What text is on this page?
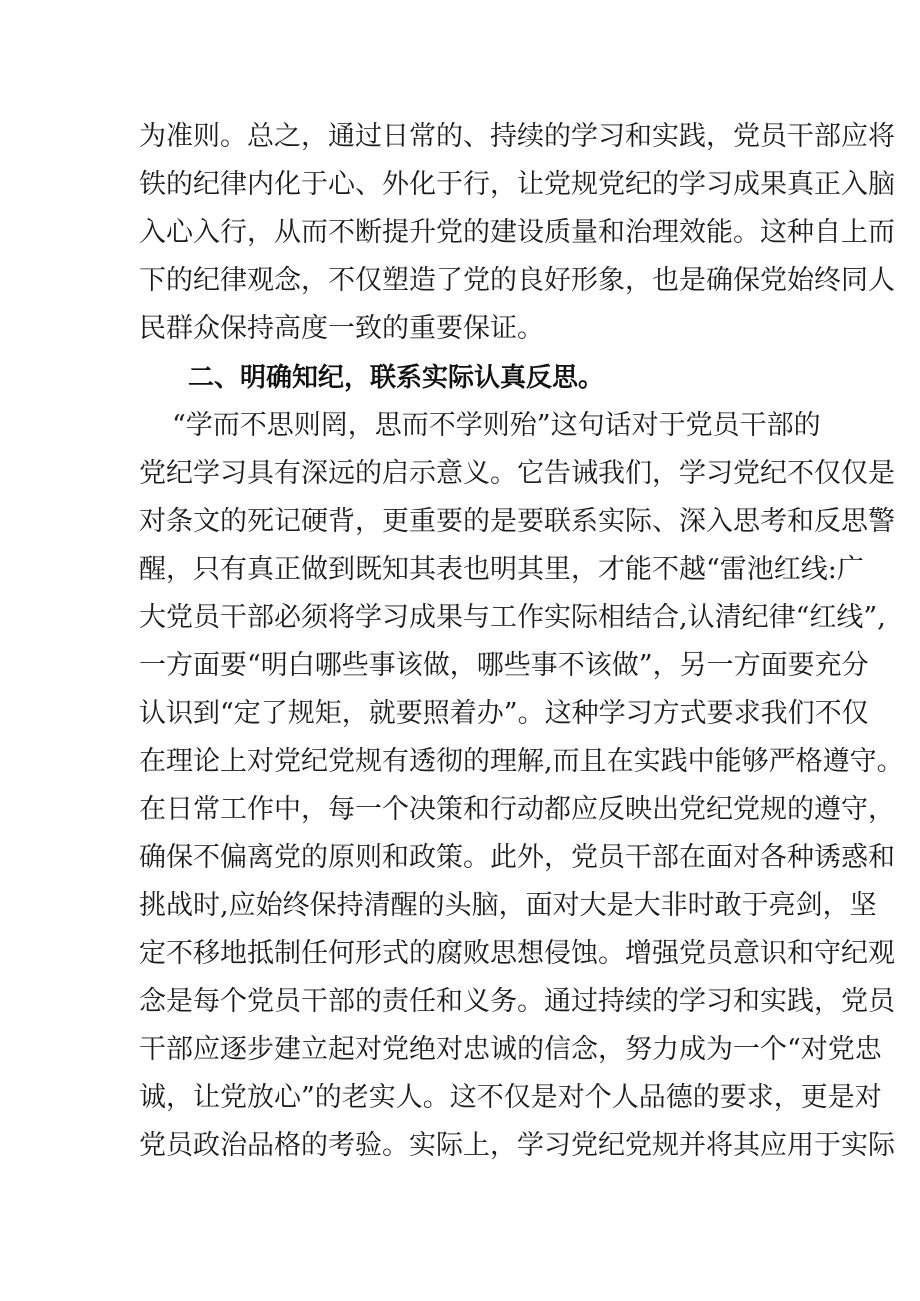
为准则。总之，通过日常的、持续的学习和实践，党员干部应将
铁的纪律内化于心、外化于行，让党规党纪的学习成果真正入脑
入心入行，从而不断提升党的建设质量和治理效能。这种自上而
下的纪律观念，不仅塑造了党的良好形象，也是确保党始终同人
民群众保持高度一致的重要保证。
二、明确知纪，联系实际认真反思。
“学而不思则罔，思而不学则殆”这句话对于党员干部的
党纪学习具有深远的启示意义。它告诫我们，学习党纪不仅仅是
对条文的死记硬背，更重要的是要联系实际、深入思考和反思警
醒，只有真正做到既知其表也明其里，才能不越“雷池红线:广
大党员干部必须将学习成果与工作实际相结合,认清纪律“红线”,
一方面要“明白哪些事该做，哪些事不该做”，另一方面要充分
认识到“定了规矩，就要照着办”。这种学习方式要求我们不仅
在理论上对党纪党规有透彻的理解,而且在实践中能够严格遵守。
在日常工作中，每一个决策和行动都应反映出党纪党规的遵守，
确保不偏离党的原则和政策。此外，党员干部在面对各种诱惑和
挑战时,应始终保持清醒的头脑，面对大是大非时敢于亮剑，坚
定不移地抵制任何形式的腐败思想侵蚀。增强党员意识和守纪观
念是每个党员干部的责任和义务。通过持续的学习和实践，党员
干部应逐步建立起对党绝对忠诚的信念，努力成为一个“对党忠
诚，让党放心”的老实人。这不仅是对个人品德的要求，更是对
党员政治品格的考验。实际上，学习党纪党规并将其应用于实际
